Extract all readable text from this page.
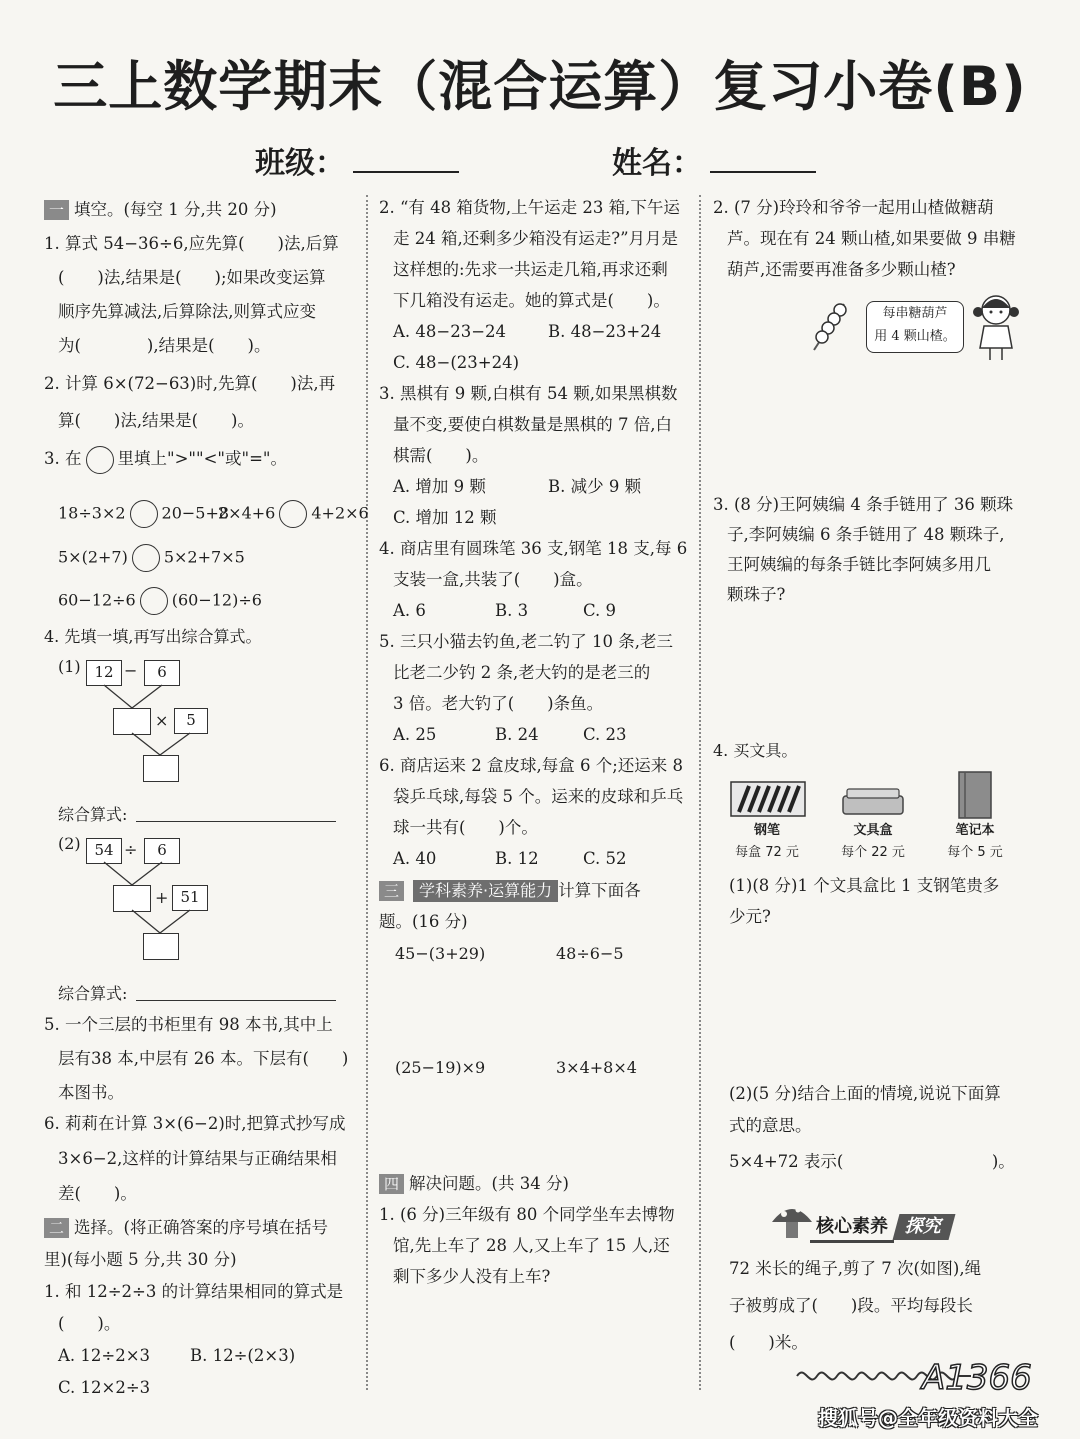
三上数学期末（混合运算）复习小卷(B)
班级：	姓名：

一 填空。(每空 1 分,共 20 分)

1. 算式 54−36÷6,应先算(　　)法,后算

(　　)法,结果是(　　);如果改变运算

顺序先算减法,后算除法,则算式应变

为(　　　　),结果是(　　)。

2. 计算 6×(72−63)时,先算(　　)法,再

算(　　)法,结果是(　　)。

3. 在 里填上">""<"或"="。

18÷3×2 20−5+8
2×4+6 4+2×6
5×(2+7) 5×2+7×5
60−12÷6 (60−12)÷6

4. 先填一填,再写出综合算式。

(1) 12 −	6
×	5
综合算式:
(2) 54 ÷	6
+ 51
综合算式:

5. 一个三层的书柜里有 98 本书,其中上

层有38 本,中层有 26 本。下层有(　　)

本图书。

6. 莉莉在计算 3×(6−2)时,把算式抄写成

3×6−2,这样的计算结果与正确结果相

差(　　)。

二 选择。(将正确答案的序号填在括号

里)(每小题 5 分,共 30 分)

1. 和 12÷2÷3 的计算结果相同的算式是

(　　)。

A. 12÷2×3 B. 12÷(2×3)

C. 12×2÷3

2. “有 48 箱货物,上午运走 23 箱,下午运

走 24 箱,还剩多少箱没有运走?”月月是

这样想的:先求一共运走几箱,再求还剩

下几箱没有运走。她的算式是(　　)。

A. 48−23−24	B. 48−23+24

C. 48−(23+24)

3. 黑棋有 9 颗,白棋有 54 颗,如果黑棋数

量不变,要使白棋数量是黑棋的 7 倍,白

棋需(　　)。

A. 增加 9 颗	B. 减少 9 颗

C. 增加 12 颗

4. 商店里有圆珠笔 36 支,钢笔 18 支,每 6

支装一盒,共装了(　　)盒。

A. 6	B. 3	C. 9

5. 三只小猫去钓鱼,老二钓了 10 条,老三

比老二少钓 2 条,老大钓的是老三的

3 倍。老大钓了(　　)条鱼。

A. 25	B. 24	C. 23

6. 商店运来 2 盒皮球,每盒 6 个;还运来 8

袋乒乓球,每袋 5 个。运来的皮球和乒乓

球一共有(　　)个。

A. 40	B. 12	C. 52

三 学科素养·运算能力 计算下面各

题。(16 分)

45−(3+29)	48÷6−5
(25−19)×9	3×4+8×4

四 解决问题。(共 34 分)

1. (6 分)三年级有 80 个同学坐车去博物

馆,先上车了 28 人,又上车了 15 人,还

剩下多少人没有上车?

2. (7 分)玲玲和爷爷一起用山楂做糖葫

芦。现在有 24 颗山楂,如果要做 9 串糖

葫芦,还需要再准备多少颗山楂?

每串糖葫芦

用 4 颗山楂。

3. (8 分)王阿姨编 4 条手链用了 36 颗珠

子,李阿姨编 6 条手链用了 48 颗珠子,

王阿姨编的每条手链比李阿姨多用几

颗珠子?

4. 买文具。

钢笔

每盒 72 元

文具盒

每个 22 元

笔记本

每个 5 元

(1)(8 分)1 个文具盒比 1 支钢笔贵多

少元?

(2)(5 分)结合上面的情境,说说下面算

式的意思。

5×4+72 表示(　　　　　　　　　)。

核心素养 探究

72 米长的绳子,剪了 7 次(如图),绳

子被剪成了(　　)段。平均每段长

(　　)米。

A1366
搜狐号@全年级资料大全
